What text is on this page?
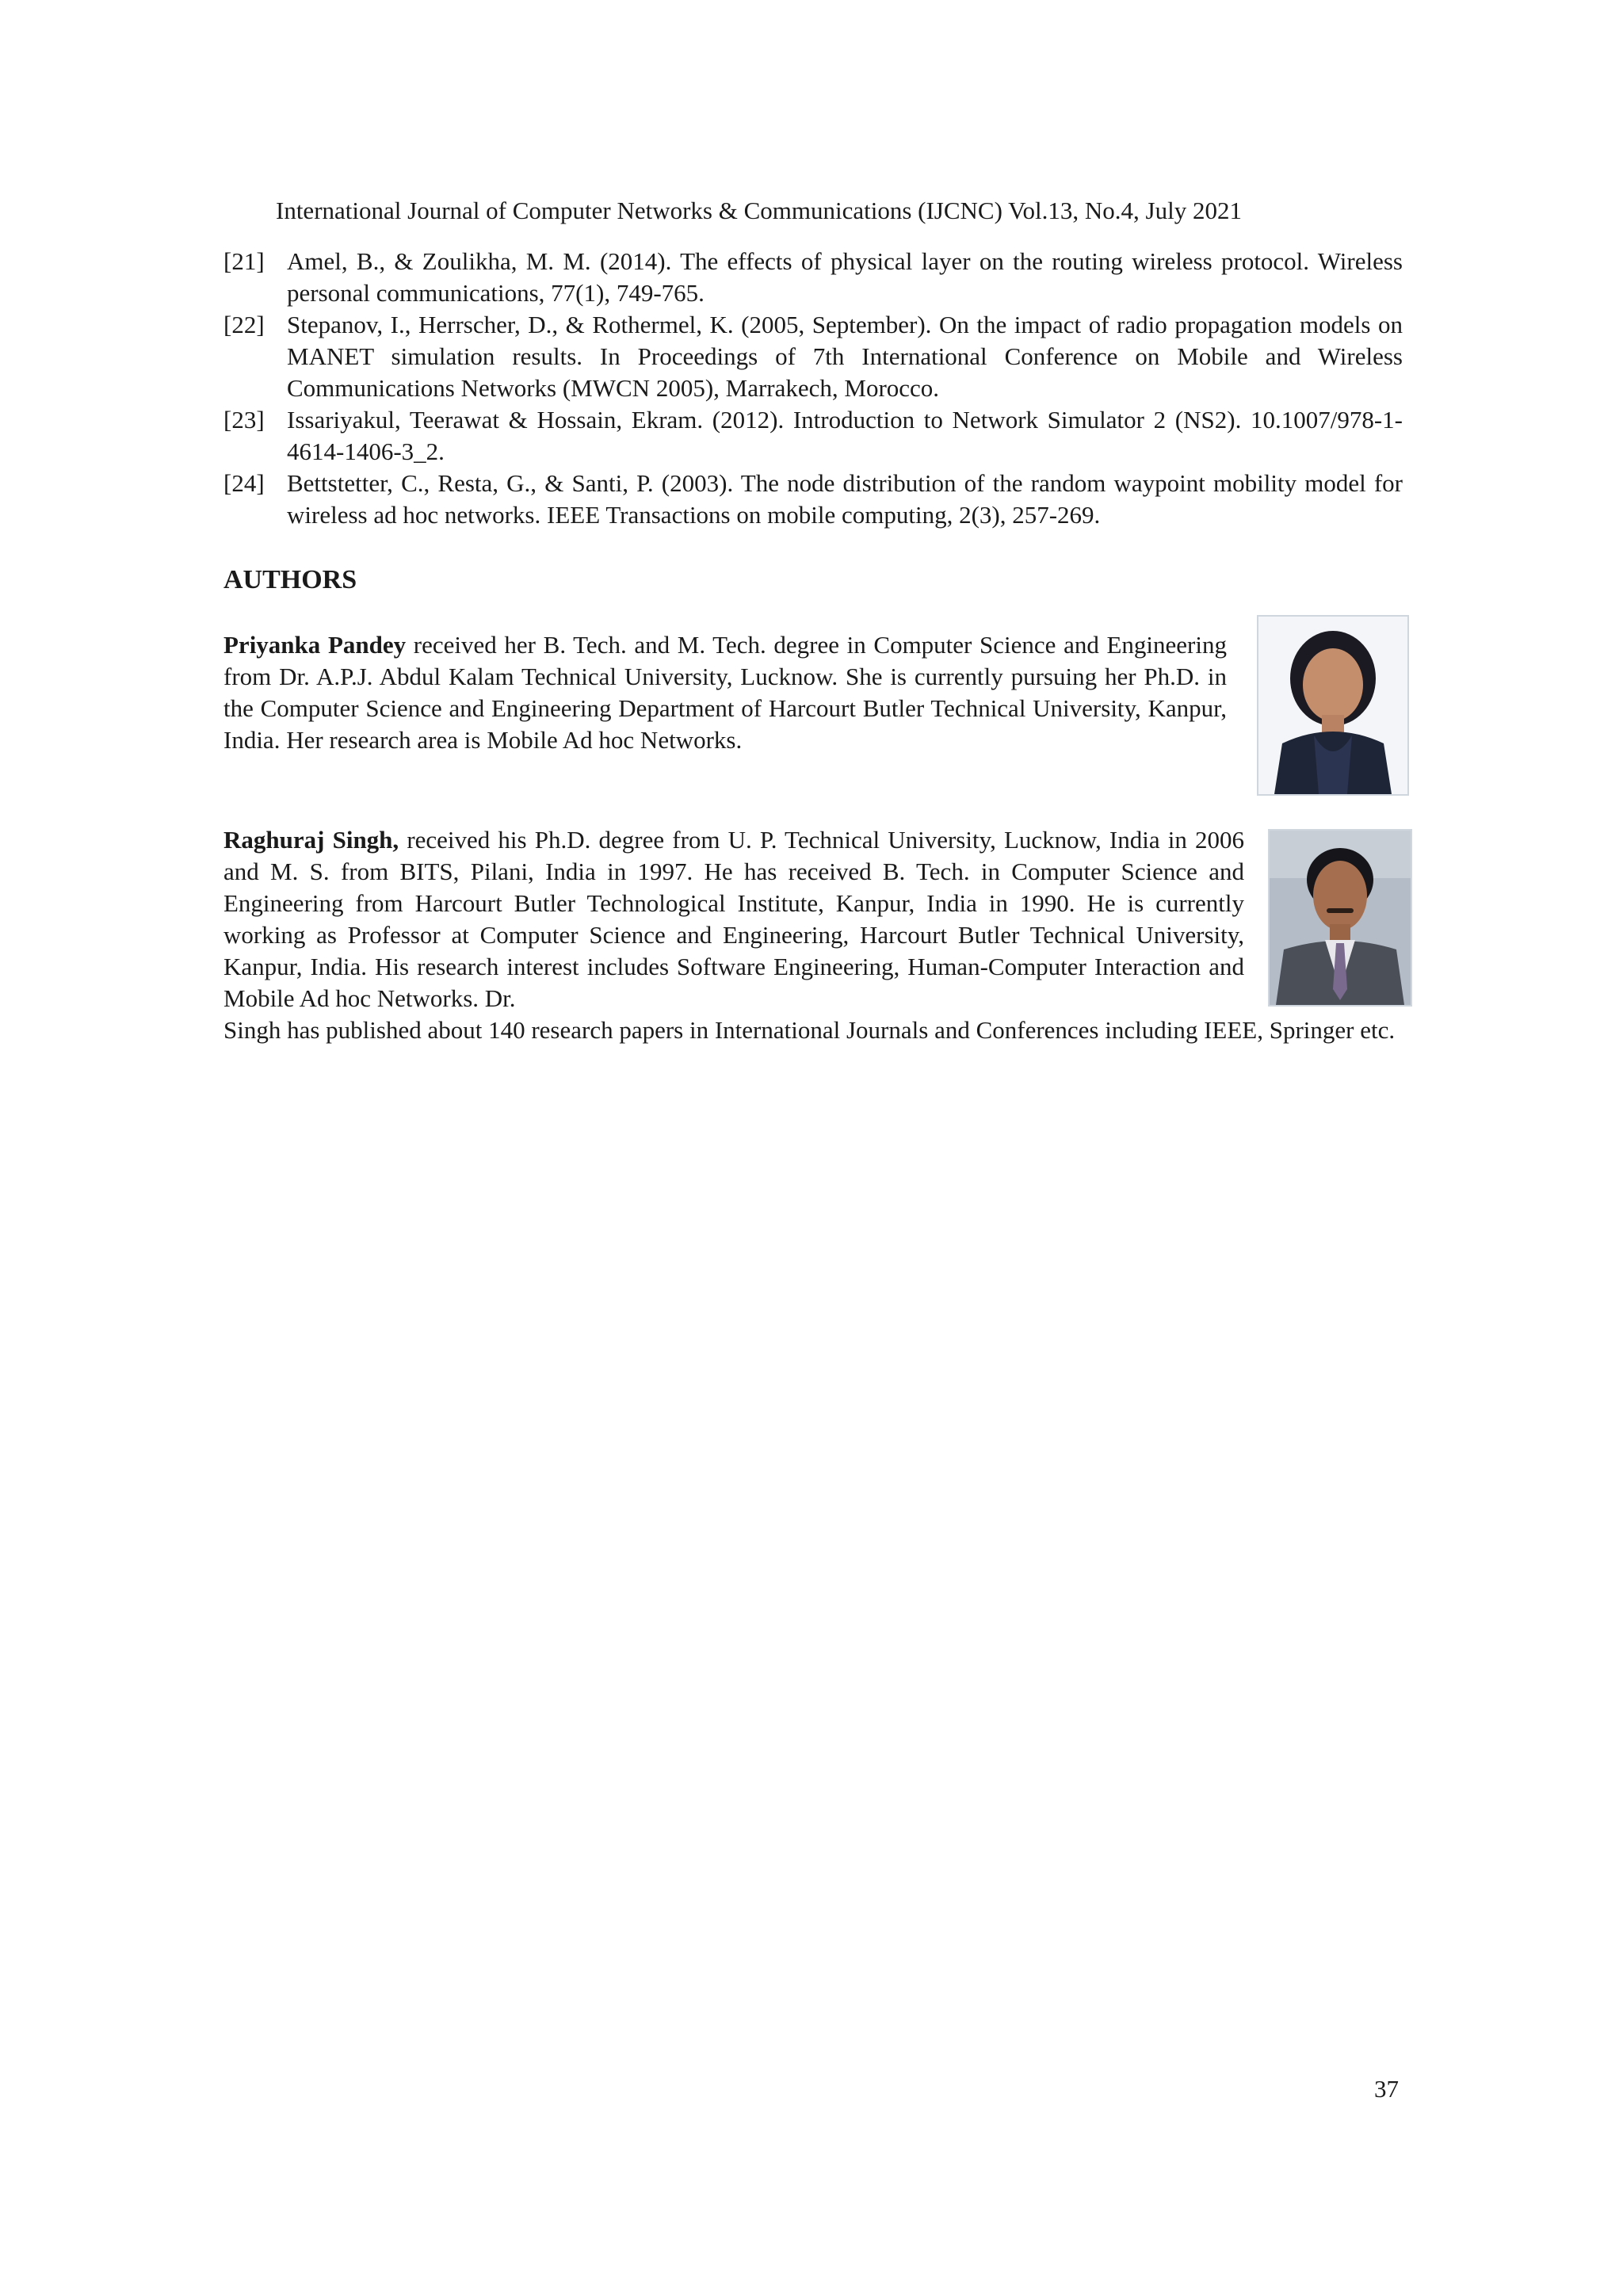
International Journal of Computer Networks & Communications (IJCNC) Vol.13, No.4, July 2021
[21] Amel, B., & Zoulikha, M. M. (2014). The effects of physical layer on the routing wireless protocol. Wireless personal communications, 77(1), 749-765.
[22] Stepanov, I., Herrscher, D., & Rothermel, K. (2005, September). On the impact of radio propagation models on MANET simulation results. In Proceedings of 7th International Conference on Mobile and Wireless Communications Networks (MWCN 2005), Marrakech, Morocco.
[23] Issariyakul, Teerawat & Hossain, Ekram. (2012). Introduction to Network Simulator 2 (NS2). 10.1007/978-1-4614-1406-3_2.
[24] Bettstetter, C., Resta, G., & Santi, P. (2003). The node distribution of the random waypoint mobility model for wireless ad hoc networks. IEEE Transactions on mobile computing, 2(3), 257-269.
AUTHORS
Priyanka Pandey received her B. Tech. and M. Tech. degree in Computer Science and Engineering from Dr. A.P.J. Abdul Kalam Technical University, Lucknow. She is currently pursuing her Ph.D. in the Computer Science and Engineering Department of Harcourt Butler Technical University, Kanpur, India. Her research area is Mobile Ad hoc Networks.
Raghuraj Singh, received his Ph.D. degree from U. P. Technical University, Lucknow, India in 2006 and M. S. from BITS, Pilani, India in 1997. He has received B. Tech. in Computer Science and Engineering from Harcourt Butler Technological Institute, Kanpur, India in 1990. He is currently working as Professor at Computer Science and Engineering, Harcourt Butler Technical University, Kanpur, India. His research interest includes Software Engineering, Human-Computer Interaction and Mobile Ad hoc Networks. Dr.
Singh has published about 140 research papers in International Journals and Conferences including IEEE, Springer etc.
37
